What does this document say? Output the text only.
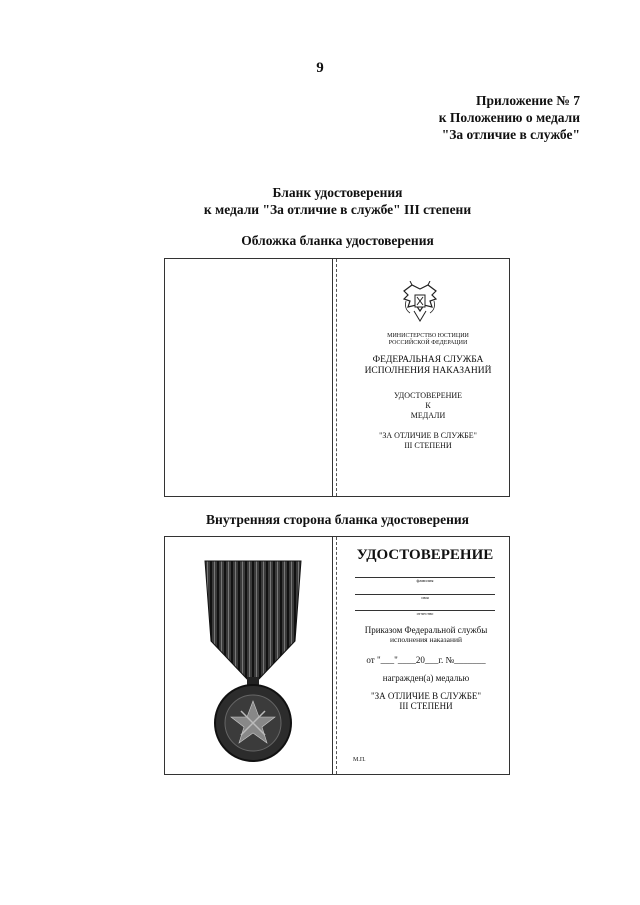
9
Приложение № 7
к Положению о медали
"За отличие в службе"
Бланк удостоверения
к медали "За отличие в службе" III степени
Обложка бланка удостоверения
МИНИСТЕРСТВО ЮСТИЦИИ
РОССИЙСКОЙ ФЕДЕРАЦИИ
ФЕДЕРАЛЬНАЯ СЛУЖБА
ИСПОЛНЕНИЯ НАКАЗАНИЙ
УДОСТОВЕРЕНИЕ
К
МЕДАЛИ
"ЗА ОТЛИЧИЕ В СЛУЖБЕ"
III СТЕПЕНИ
Внутренняя сторона бланка удостоверения
УДОСТОВЕРЕНИЕ
фамилия
имя
отчество
Приказом Федеральной службы
исполнения наказаний
от "___"____20___г. №_______
награжден(а) медалью
"ЗА ОТЛИЧИЕ В СЛУЖБЕ"
III СТЕПЕНИ
М.П.
